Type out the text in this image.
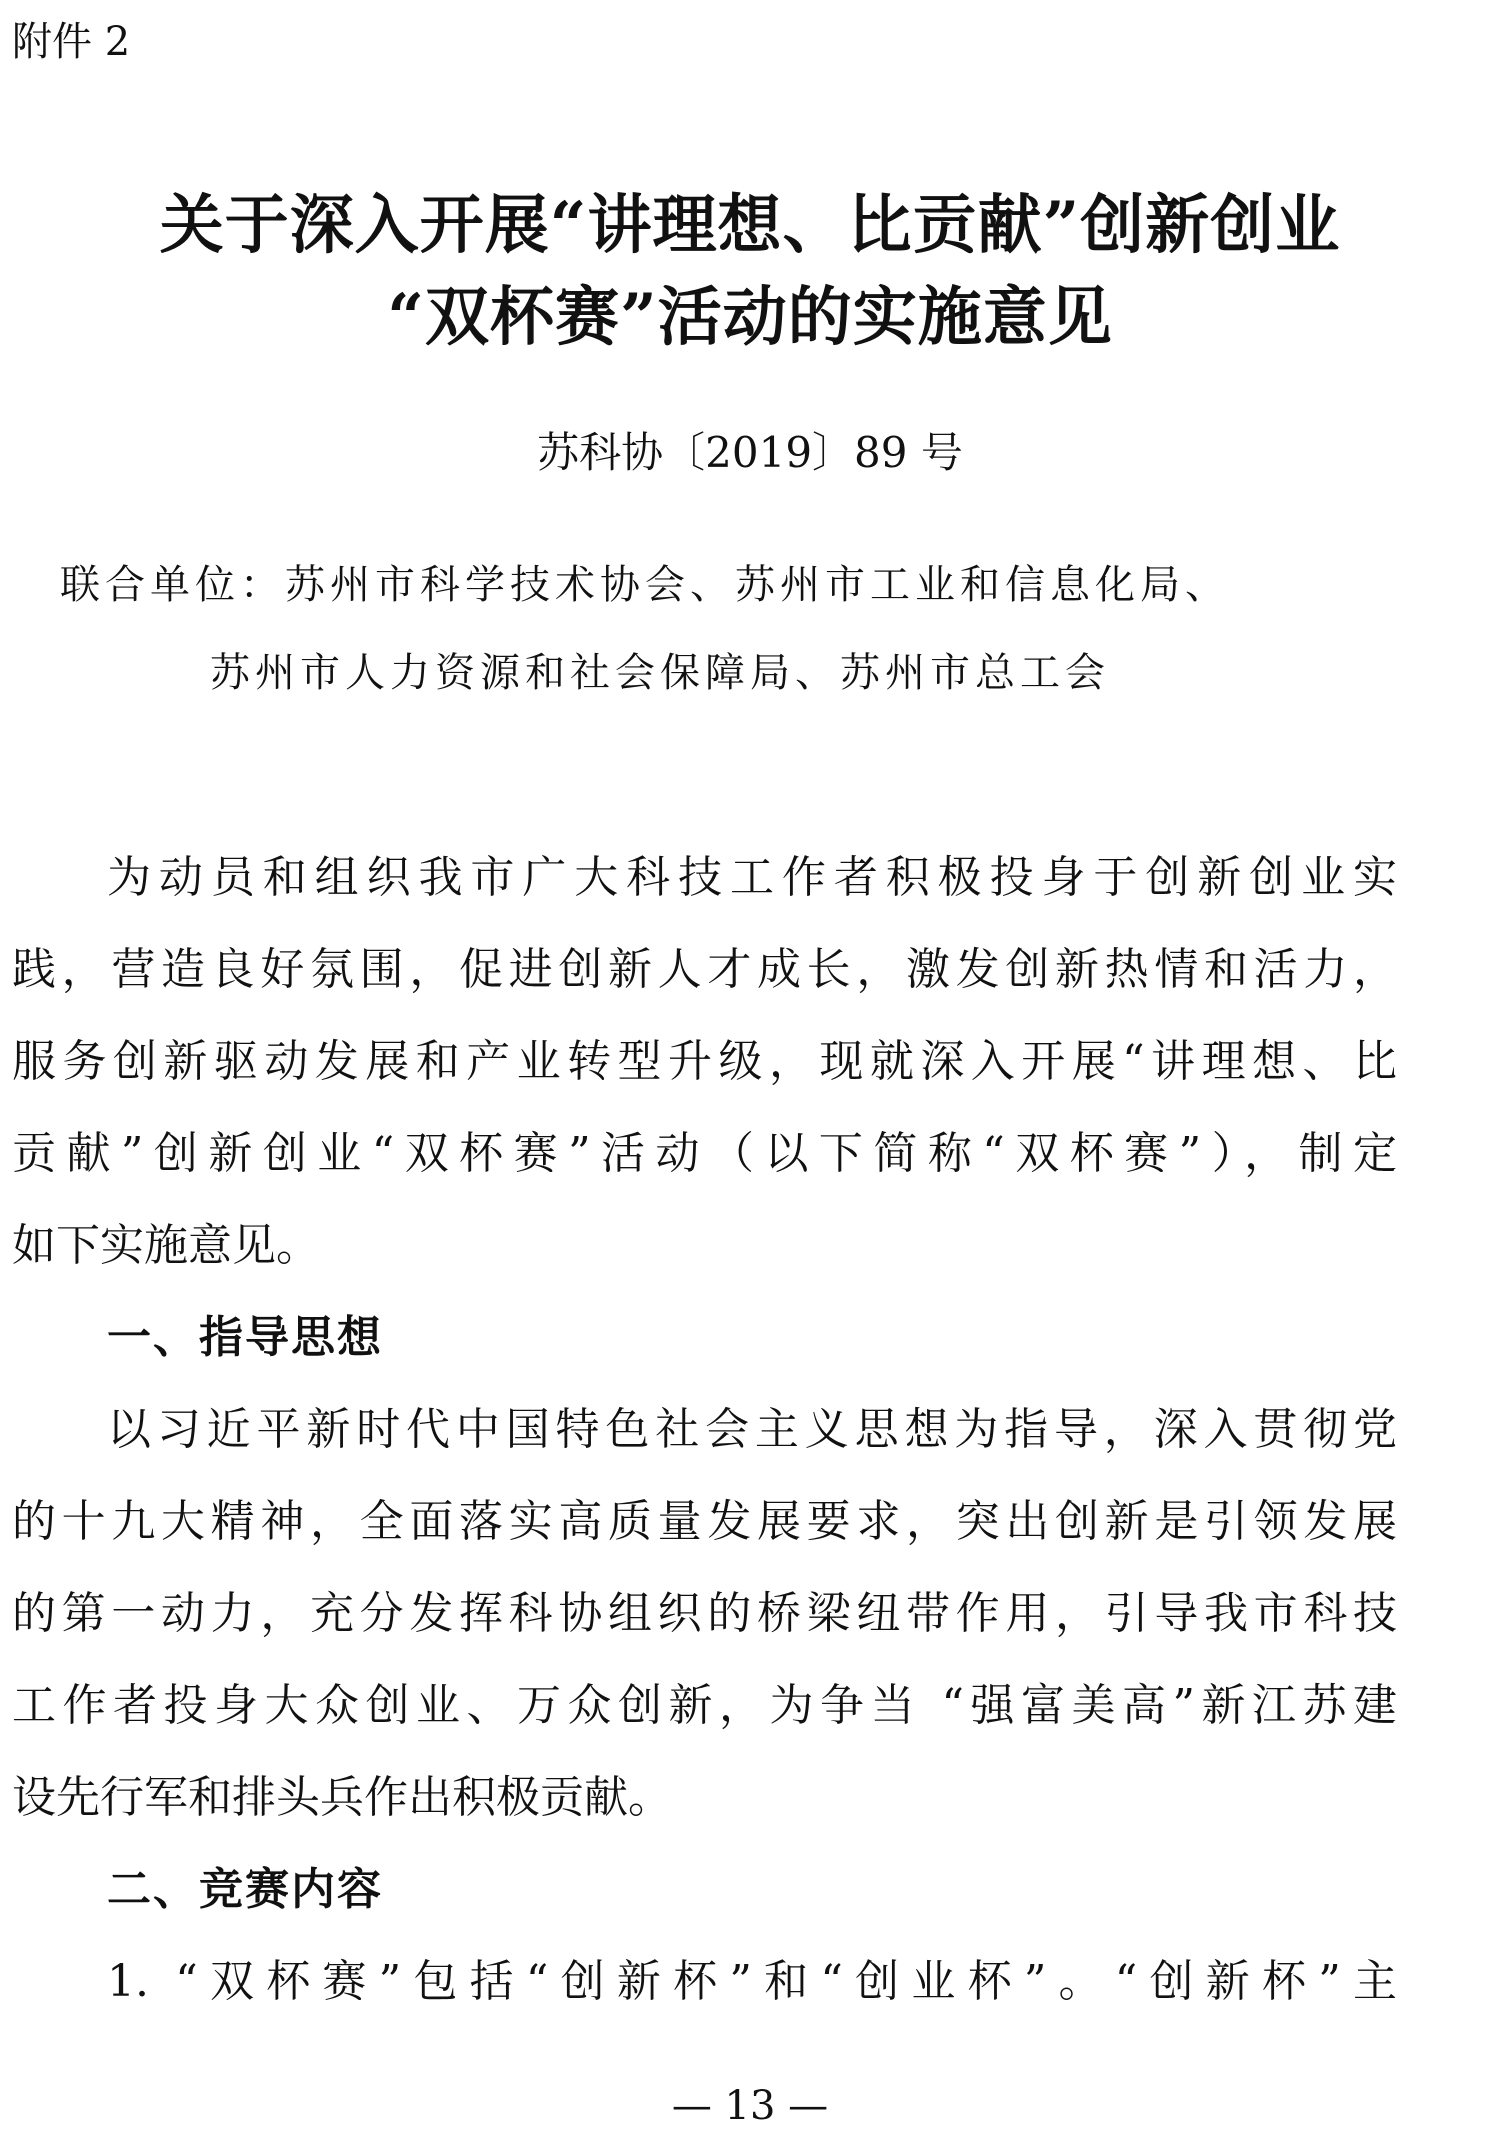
附件 2
关于深入开展“讲理想、比贡献”创新创业
“双杯赛”活动的实施意见
苏科协〔2019〕89 号
联合单位：苏州市科学技术协会、苏州市工业和信息化局、
苏州市人力资源和社会保障局、苏州市总工会
为动员和组织我市广大科技工作者积极投身于创新创业实
践，营造良好氛围，促进创新人才成长，激发创新热情和活力，
服务创新驱动发展和产业转型升级，现就深入开展“讲理想、比
贡献”创新创业“双杯赛”活动（以下简称“双杯赛”），制定
如下实施意见。
一、指导思想
以习近平新时代中国特色社会主义思想为指导，深入贯彻党
的十九大精神，全面落实高质量发展要求，突出创新是引领发展
的第一动力，充分发挥科协组织的桥梁纽带作用，引导我市科技
工作者投身大众创业、万众创新，为争当 “强富美高”新江苏建
设先行军和排头兵作出积极贡献。
二、竞赛内容
1. “双杯赛”包括“创新杯”和“创业杯”。“创新杯”主
— 13 —
